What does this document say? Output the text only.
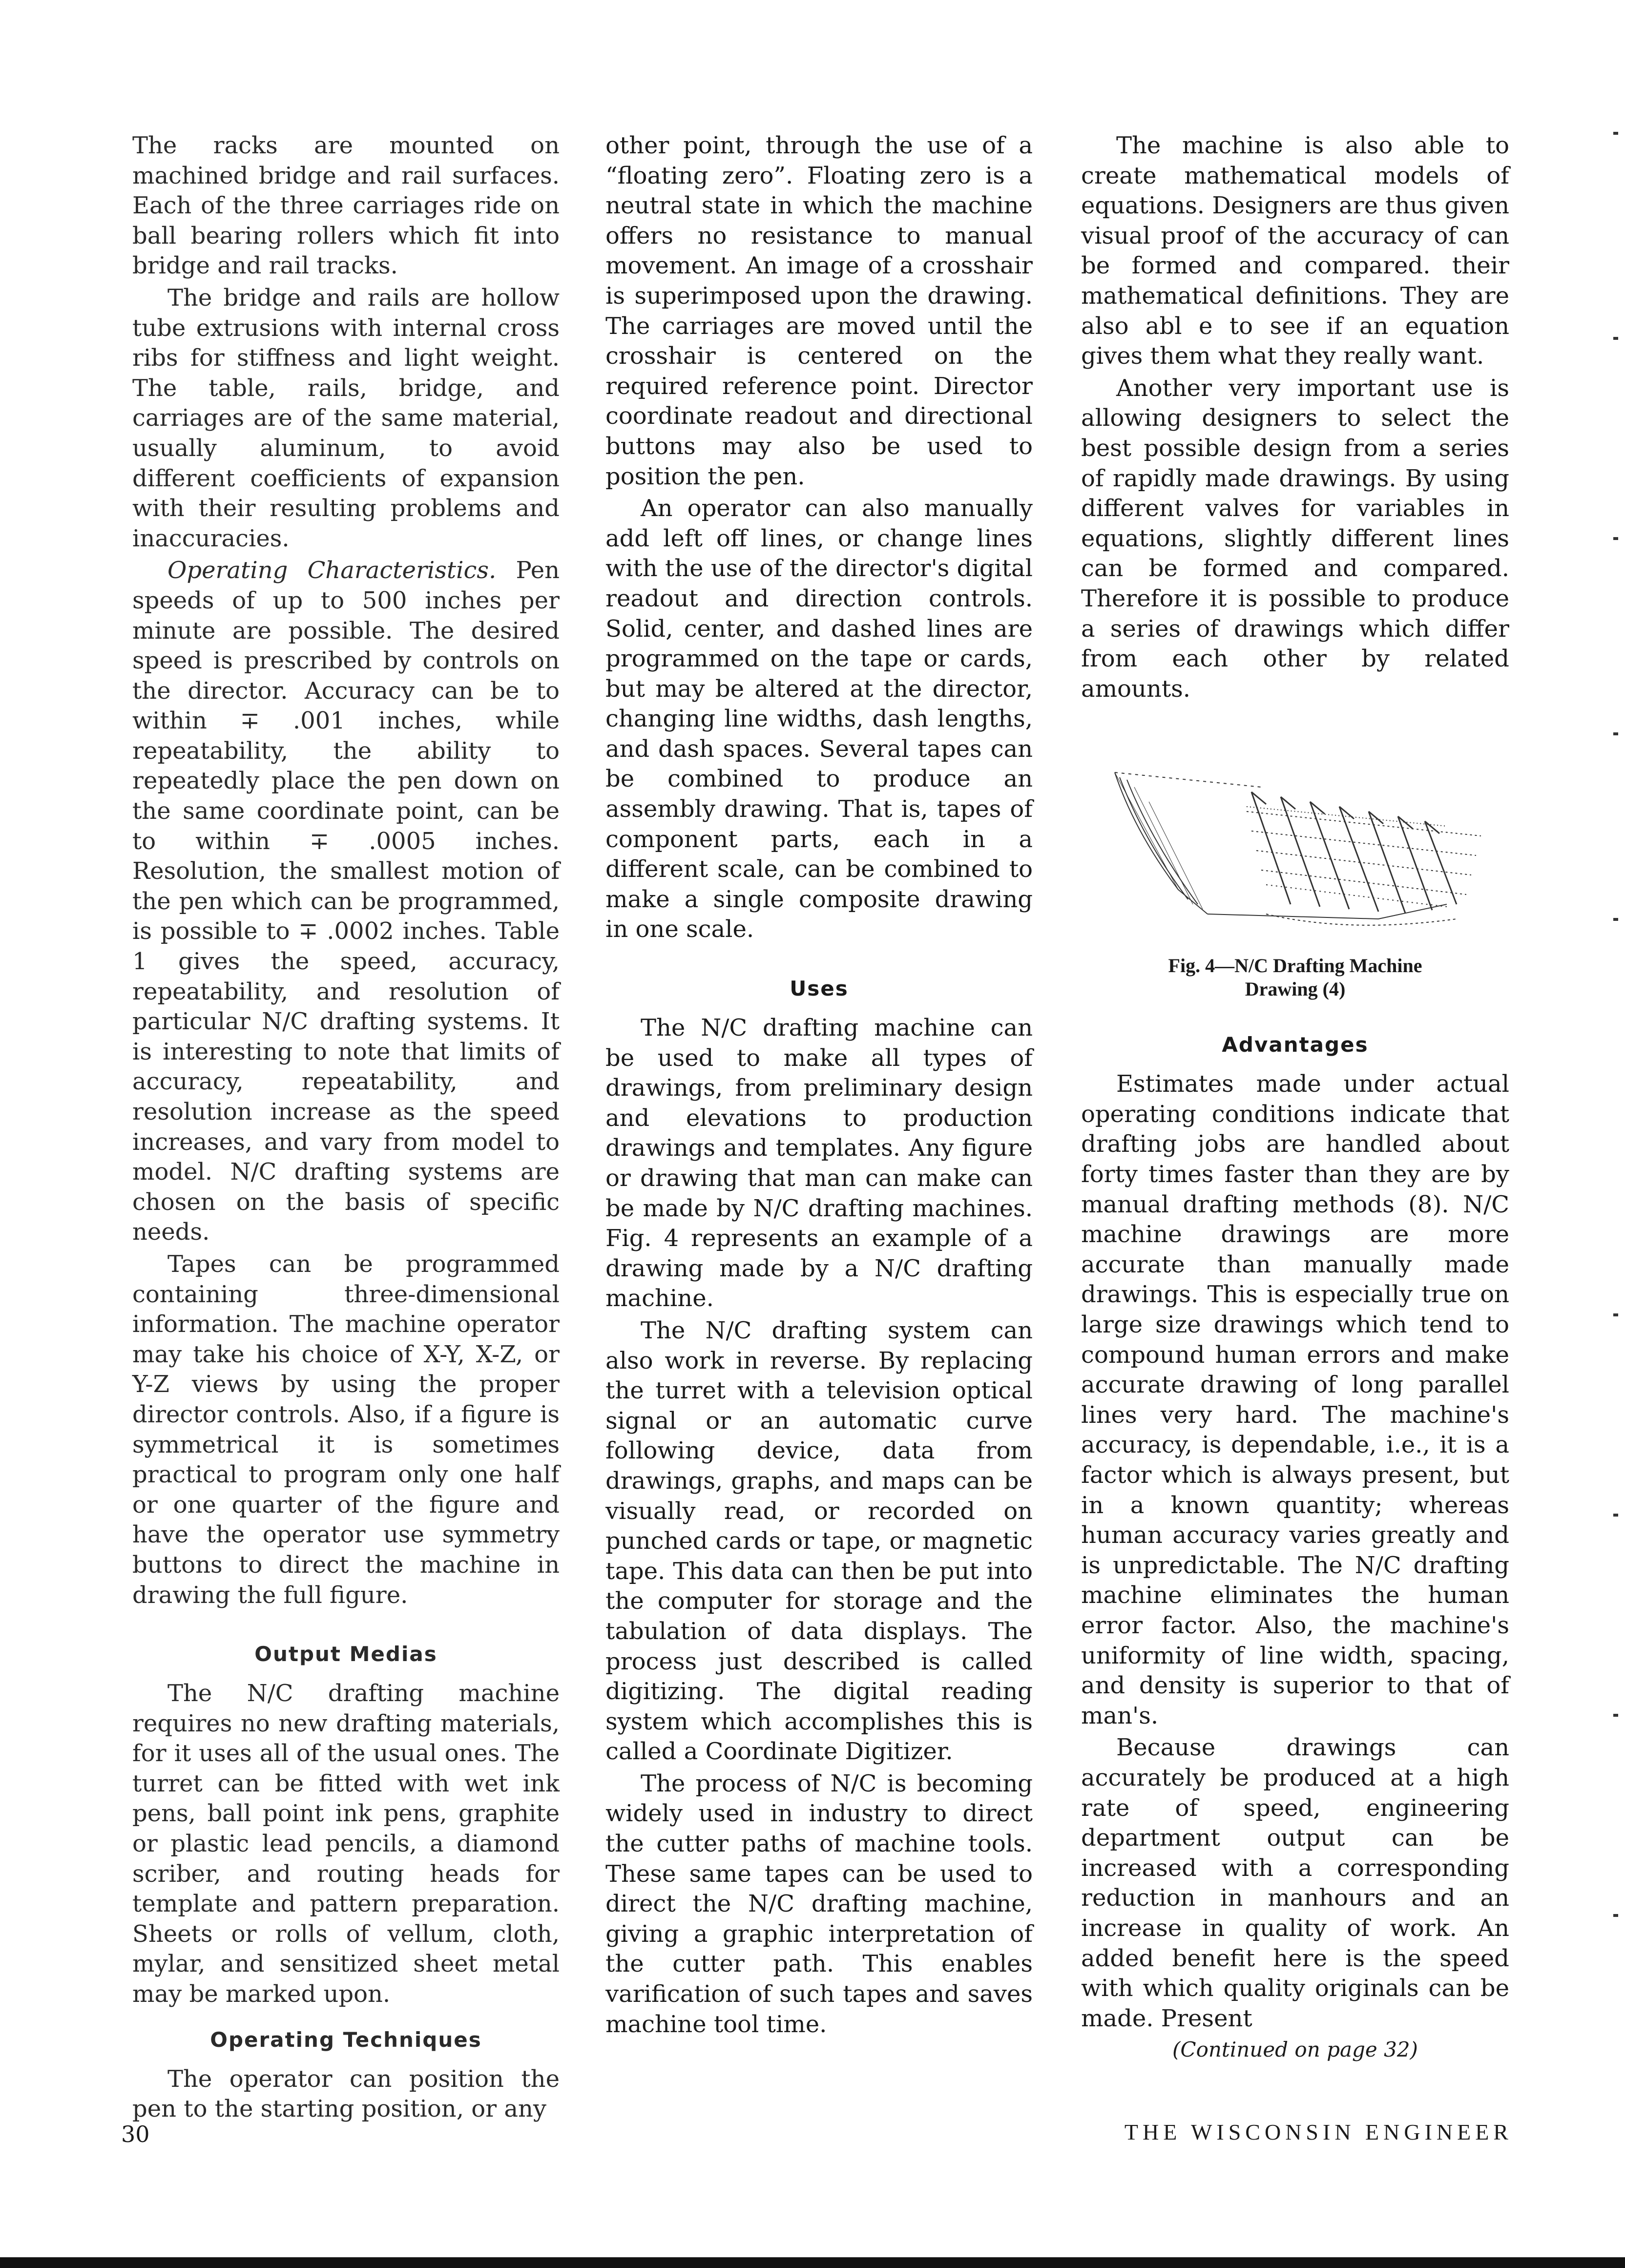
The racks are mounted on machined bridge and rail surfaces. Each of the three carriages ride on ball bearing rollers which fit into bridge and rail tracks.

The bridge and rails are hollow tube extrusions with internal cross ribs for stiffness and light weight. The table, rails, bridge, and carriages are of the same material, usually aluminum, to avoid different coefficients of expansion with their resulting problems and inaccuracies.

Operating Characteristics. Pen speeds of up to 500 inches per minute are possible. The desired speed is prescribed by controls on the director. Accuracy can be to within ∓ .001 inches, while repeatability, the ability to repeatedly place the pen down on the same coordinate point, can be to within ∓ .0005 inches. Resolution, the smallest motion of the pen which can be programmed, is possible to ∓ .0002 inches. Table 1 gives the speed, accuracy, repeatability, and resolution of particular N/C drafting systems. It is interesting to note that limits of accuracy, repeatability, and resolution increase as the speed increases, and vary from model to model. N/C drafting systems are chosen on the basis of specific needs.

Tapes can be programmed containing three-dimensional information. The machine operator may take his choice of X-Y, X-Z, or Y-Z views by using the proper director controls. Also, if a figure is symmetrical it is sometimes practical to program only one half or one quarter of the figure and have the operator use symmetry buttons to direct the machine in drawing the full figure.

Output Medias

The N/C drafting machine requires no new drafting materials, for it uses all of the usual ones. The turret can be fitted with wet ink pens, ball point ink pens, graphite or plastic lead pencils, a diamond scriber, and routing heads for template and pattern preparation. Sheets or rolls of vellum, cloth, mylar, and sensitized sheet metal may be marked upon.

Operating Techniques

The operator can position the pen to the starting position, or any

other point, through the use of a “floating zero”. Floating zero is a neutral state in which the machine offers no resistance to manual movement. An image of a crosshair is superimposed upon the drawing. The carriages are moved until the crosshair is centered on the required reference point. Director coordinate readout and directional buttons may also be used to position the pen.

An operator can also manually add left off lines, or change lines with the use of the director's digital readout and direction controls. Solid, center, and dashed lines are programmed on the tape or cards, but may be altered at the director, changing line widths, dash lengths, and dash spaces. Several tapes can be combined to produce an assembly drawing. That is, tapes of component parts, each in a different scale, can be combined to make a single composite drawing in one scale.

Uses

The N/C drafting machine can be used to make all types of drawings, from preliminary design and elevations to production drawings and templates. Any figure or drawing that man can make can be made by N/C drafting machines. Fig. 4 represents an example of a drawing made by a N/C drafting machine.

The N/C drafting system can also work in reverse. By replacing the turret with a television optical signal or an automatic curve following device, data from drawings, graphs, and maps can be visually read, or recorded on punched cards or tape, or magnetic tape. This data can then be put into the computer for storage and the tabulation of data displays. The process just described is called digitizing. The digital reading system which accomplishes this is called a Coordinate Digitizer.

The process of N/C is becoming widely used in industry to direct the cutter paths of machine tools. These same tapes can be used to direct the N/C drafting machine, giving a graphic interpretation of the cutter path. This enables varification of such tapes and saves machine tool time.

The machine is also able to create mathematical models of equations. Designers are thus given visual proof of the accuracy of can be formed and compared. their mathematical definitions. They are also abl e to see if an equation gives them what they really want.

Another very important use is allowing designers to select the best possible design from a series of rapidly made drawings. By using different valves for variables in equations, slightly different lines can be formed and compared. Therefore it is possible to produce a series of drawings which differ from each other by related amounts.

Fig. 4—N/C Drafting Machine
Drawing (4)
Advantages

Estimates made under actual operating conditions indicate that drafting jobs are handled about forty times faster than they are by manual drafting methods (8). N/C machine drawings are more accurate than manually made drawings. This is especially true on large size drawings which tend to compound human errors and make accurate drawing of long parallel lines very hard. The machine's accuracy, is dependable, i.e., it is a factor which is always present, but in a known quantity; whereas human accuracy varies greatly and is unpredictable. The N/C drafting machine eliminates the human error factor. Also, the machine's uniformity of line width, spacing, and density is superior to that of man's.

Because drawings can accurately be produced at a high rate of speed, engineering department output can be increased with a corresponding reduction in manhours and an increase in quality of work. An added benefit here is the speed with which quality originals can be made. Present

(Continued on page 32)
30	THE WISCONSIN ENGINEER
